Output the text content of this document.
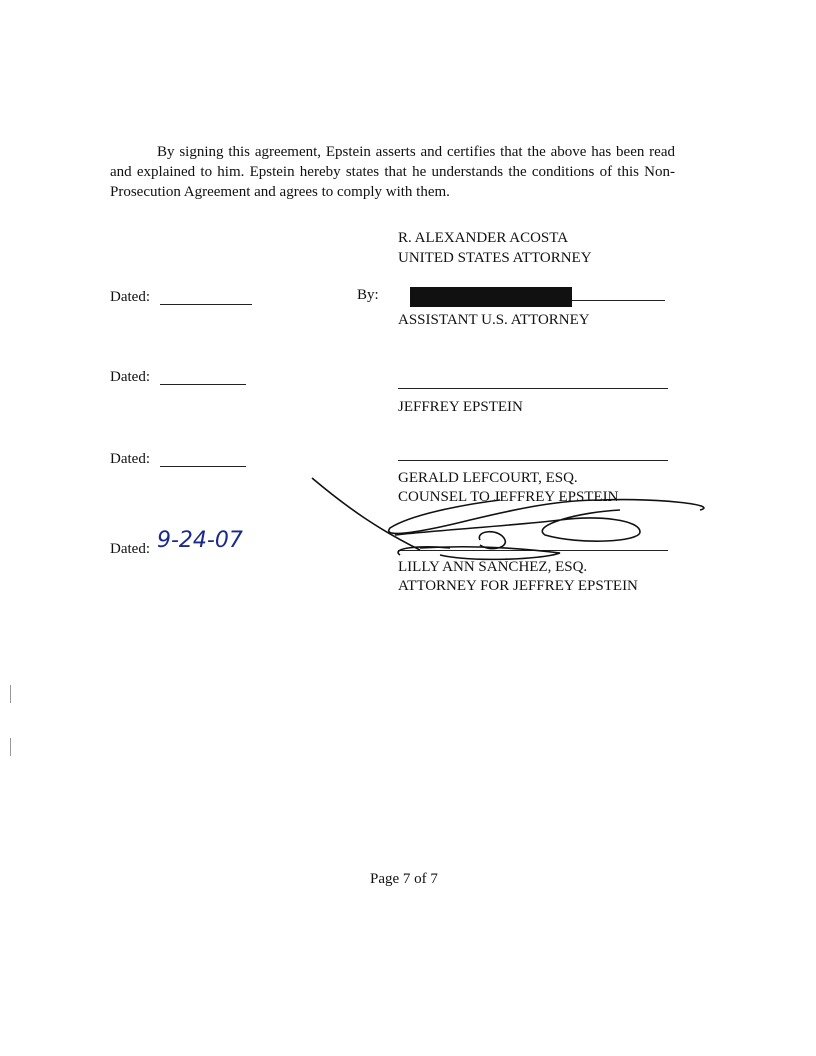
By signing this agreement, Epstein asserts and certifies that the above has been read and explained to him. Epstein hereby states that he understands the conditions of this Non-Prosecution Agreement and agrees to comply with them.
R. ALEXANDER ACOSTA
UNITED STATES ATTORNEY
Dated:	By:
ASSISTANT U.S. ATTORNEY
Dated:
JEFFREY EPSTEIN
Dated:
GERALD LEFCOURT, ESQ.
COUNSEL TO JEFFREY EPSTEIN
Dated: 9-24-07
LILLY ANN SANCHEZ, ESQ.
ATTORNEY FOR JEFFREY EPSTEIN
Page 7 of 7
